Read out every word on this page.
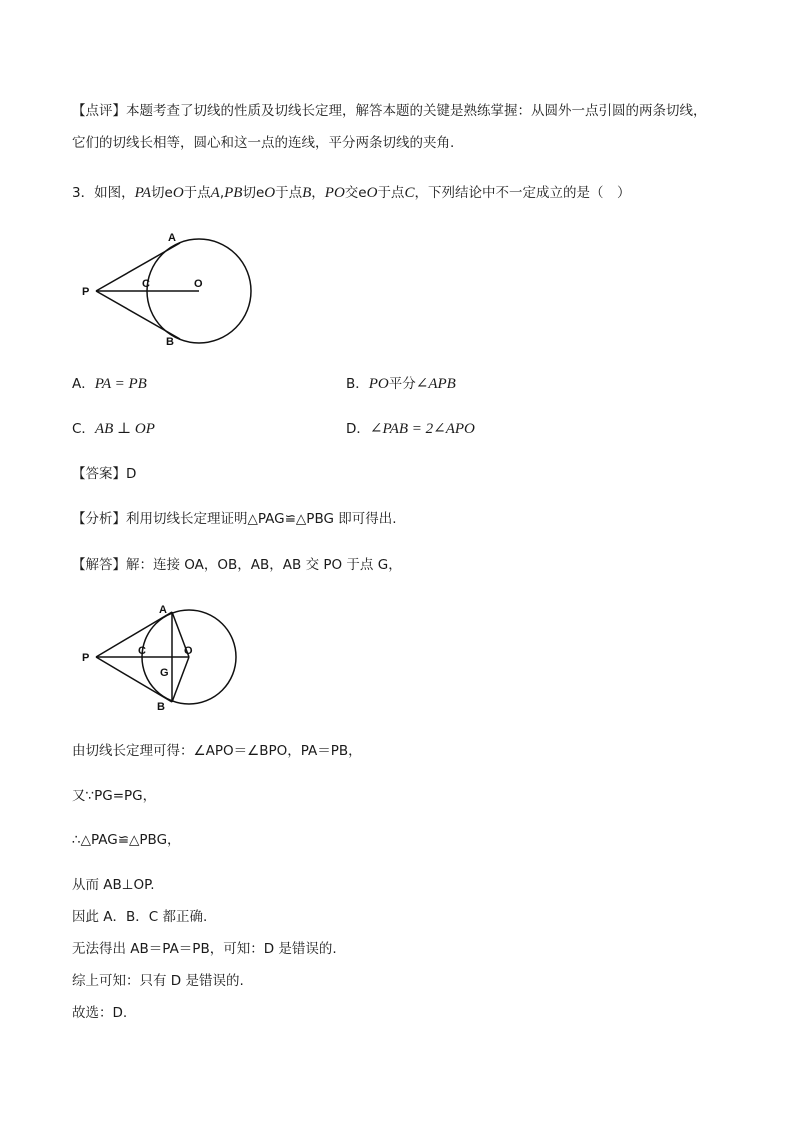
【点评】本题考查了切线的性质及切线长定理，解答本题的关键是熟练掌握：从圆外一点引圆的两条切线，
它们的切线长相等，圆心和这一点的连线，平分两条切线的夹角.
3．如图，PA切eO于点A,PB切eO于点B，PO交eO于点C，下列结论中不一定成立的是（　）
A
B
C	O
P
A．PA = PB	B．PO平分∠APB
C．AB ⊥ OP	D．∠PAB = 2∠APO
【答案】D
【分析】利用切线长定理证明△PAG≌△PBG 即可得出.
【解答】解：连接 OA，OB，AB，AB 交 PO 于点 G，
A
B
C
G
O
P
由切线长定理可得：∠APO＝∠BPO，PA＝PB，
又∵PG=PG，
∴△PAG≌△PBG，
从而 AB⊥OP.
因此 A．B．C 都正确.
无法得出 AB＝PA＝PB，可知：D 是错误的.
综上可知：只有 D 是错误的.
故选：D.
